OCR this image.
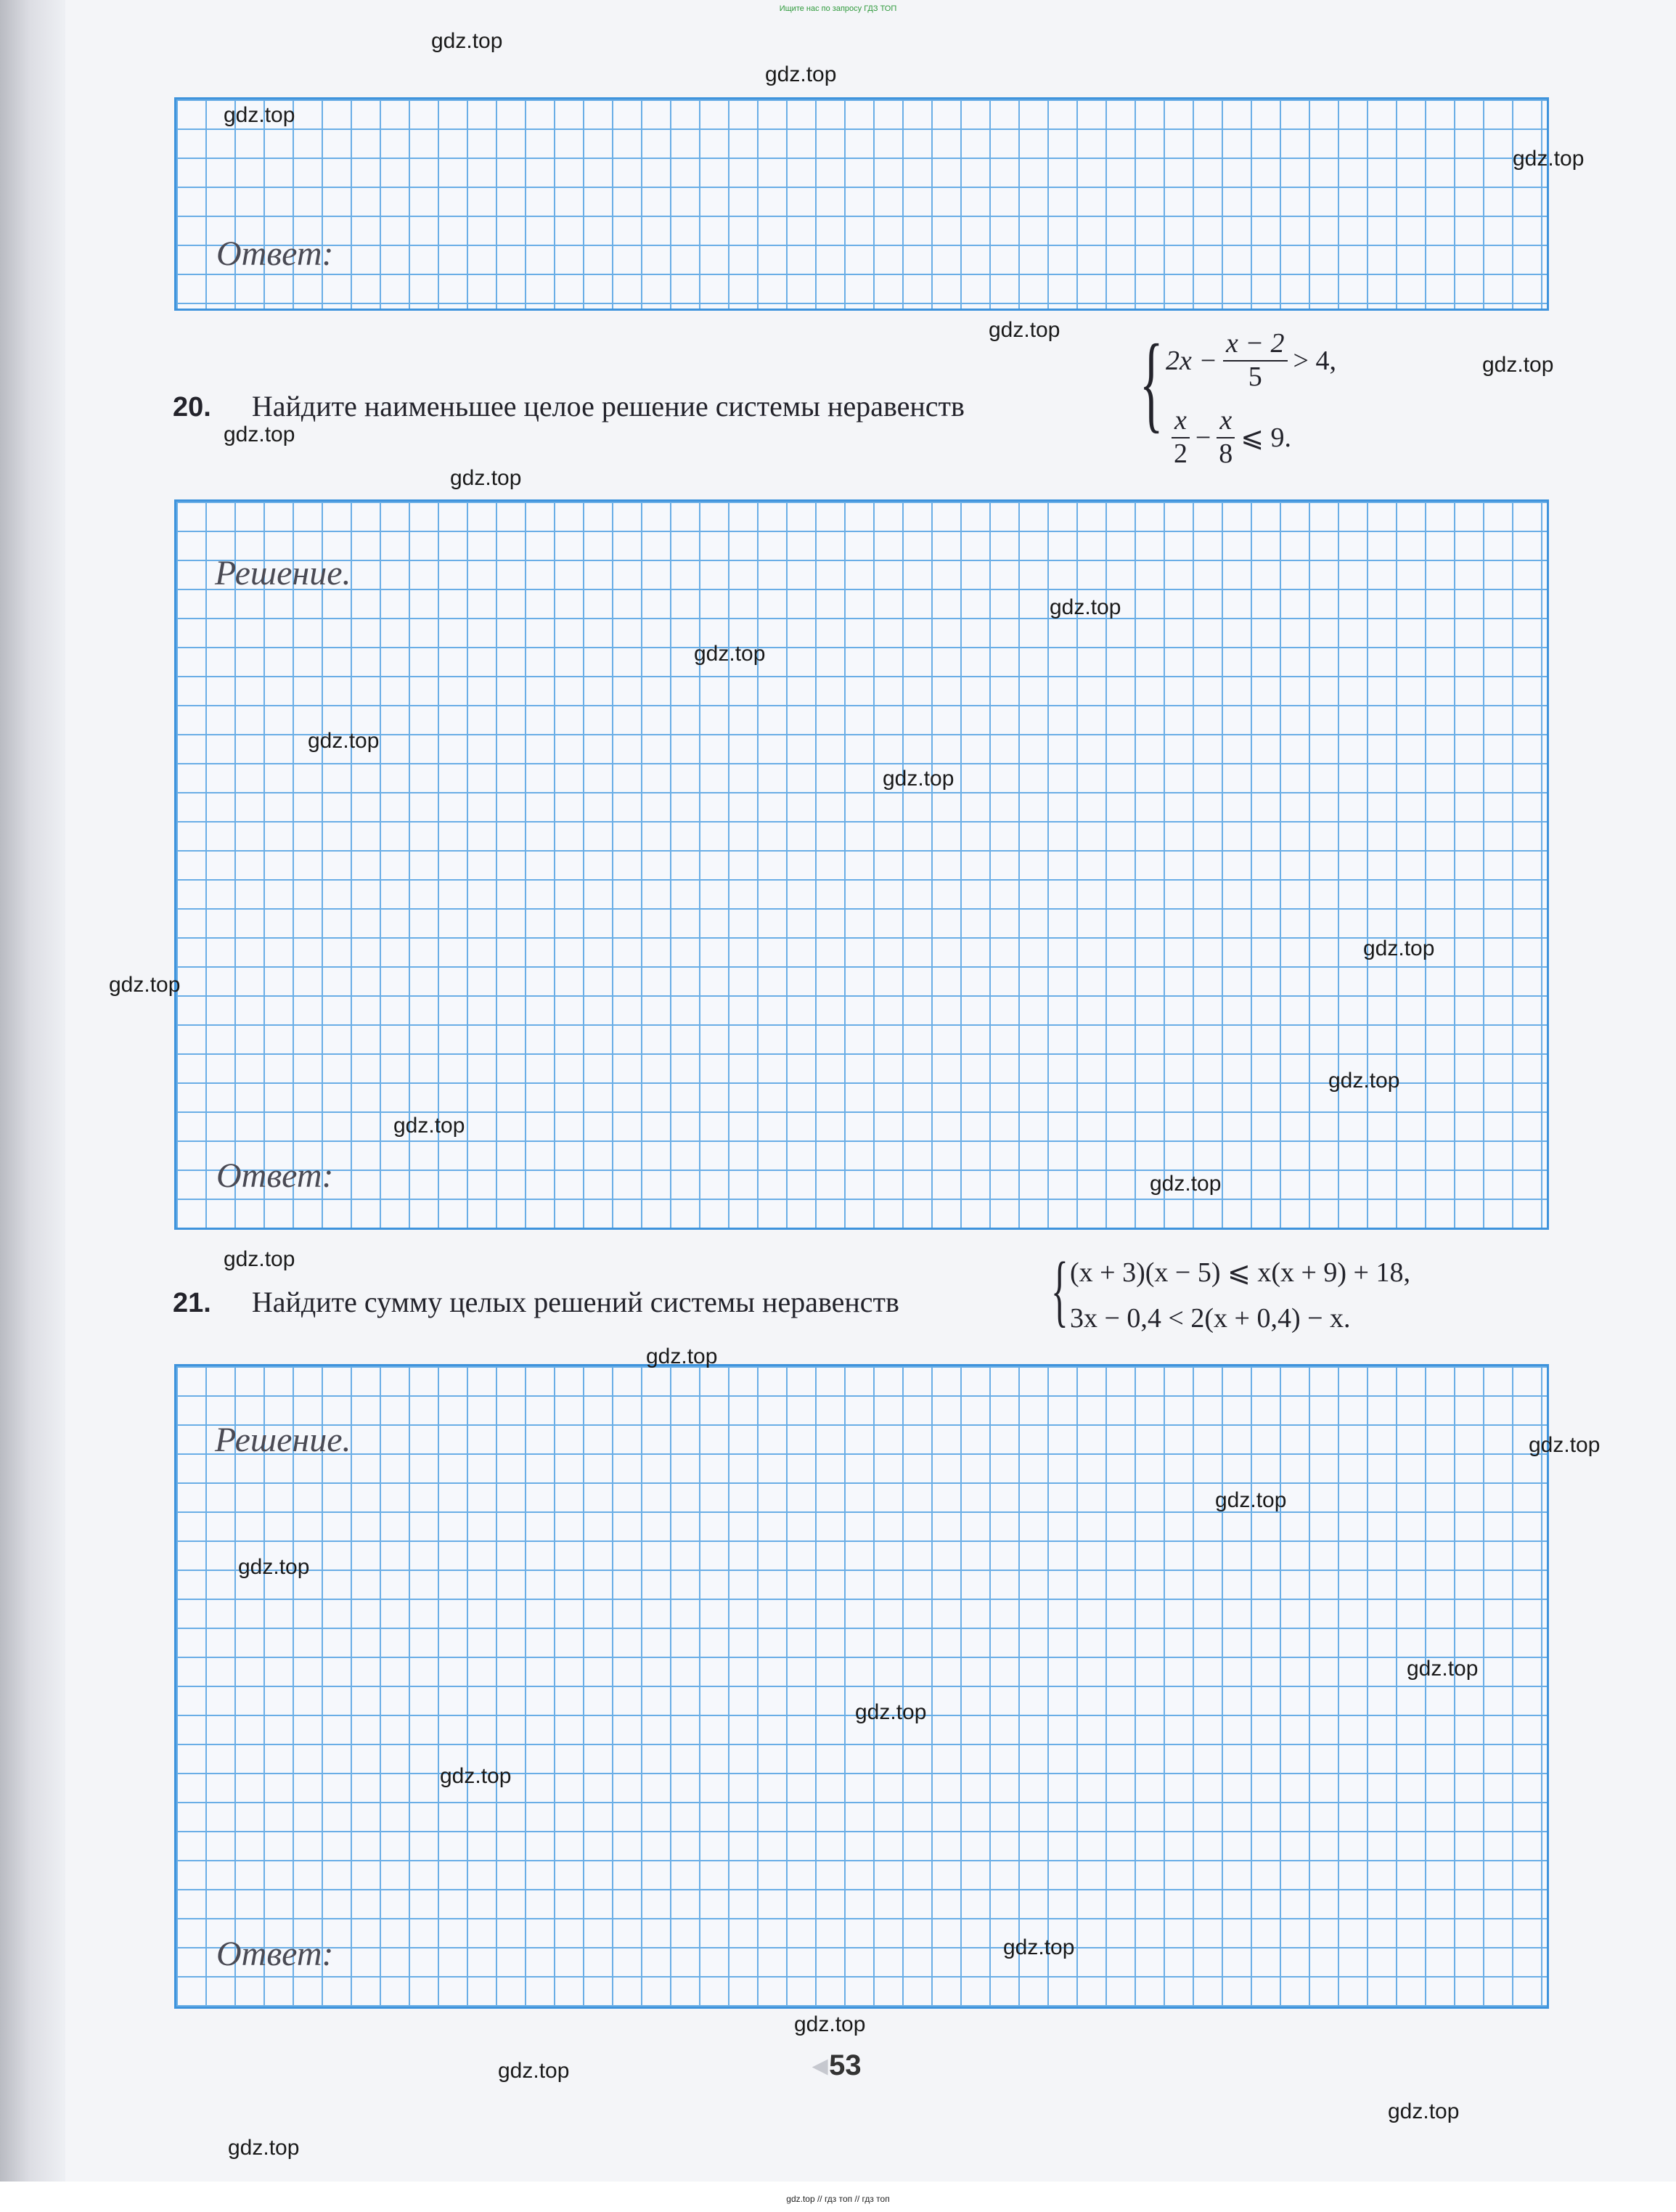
Ищите нас по запросу ГДЗ ТОП
Ответ:
20. Найдите наименьшее целое решение системы неравенств { $2x - \frac{x - 2}{5} > 4$,
$\frac{x}{2} - \frac{x}{8}$ ⩽ 9.
Решение.
Ответ:
21. Найдите сумму целых решений системы неравенств { (x + 3)(x − 5) ⩽ x(x + 9) + 18,
3x − 0,4 < 2(x + 0,4) − x.
Решение.
Ответ:
◂53
gdz.top
gdz.top
gdz.top
gdz.top
gdz.top
gdz.top
gdz.top
gdz.top
gdz.top
gdz.top
gdz.top
gdz.top
gdz.top
gdz.top
gdz.top
gdz.top
gdz.top
gdz.top
gdz.top
gdz.top
gdz.top
gdz.top
gdz.top
gdz.top
gdz.top
gdz.top
gdz.top
gdz.top
gdz.top
gdz.top
gdz.top // гдз топ // гдз топ
